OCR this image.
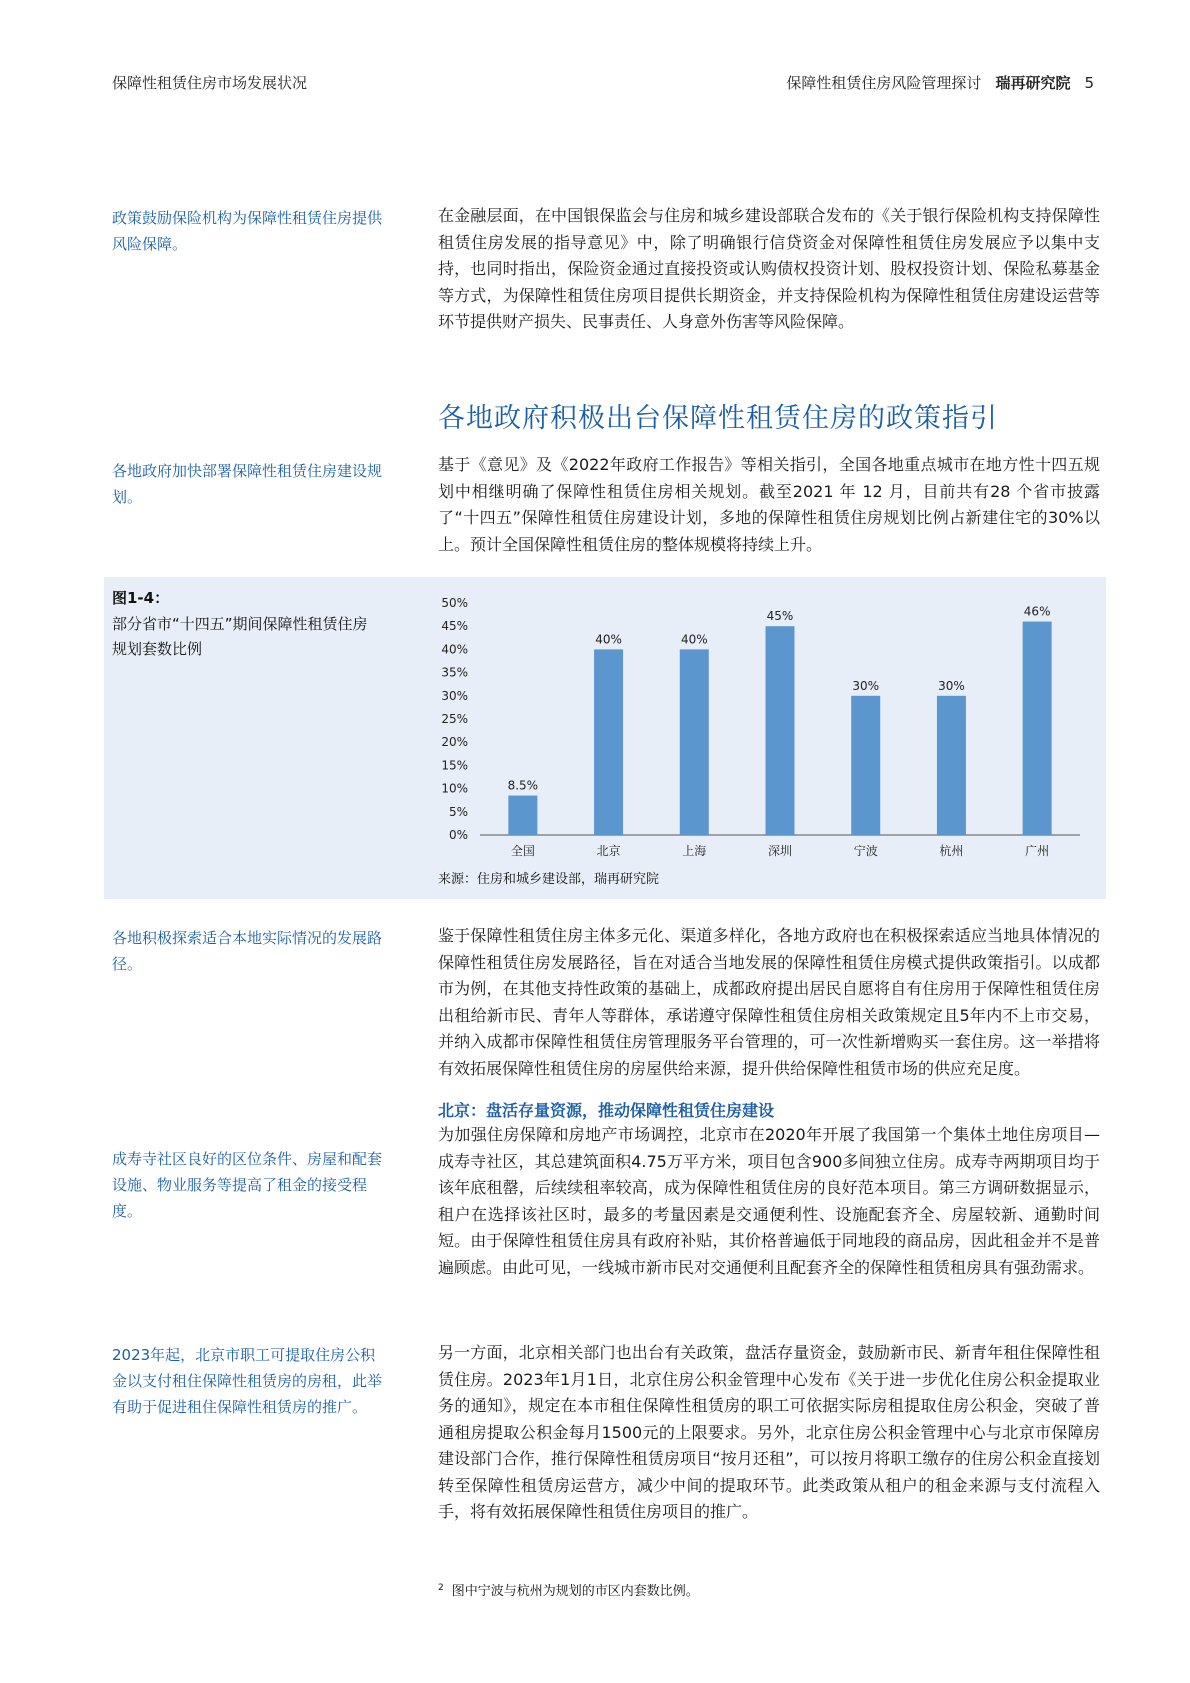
保障性租赁住房市场发展状况	保障性租赁住房风险管理探讨 瑞再研究院 5
政策鼓励保险机构为保障性租赁住房提供风险保障。
在金融层面，在中国银保监会与住房和城乡建设部联合发布的《关于银行保险机构支持保障性租赁住房发展的指导意见》中，除了明确银行信贷资金对保障性租赁住房发展应予以集中支持，也同时指出，保险资金通过直接投资或认购债权投资计划、股权投资计划、保险私募基金等方式，为保障性租赁住房项目提供长期资金，并支持保险机构为保障性租赁住房建设运营等环节提供财产损失、民事责任、人身意外伤害等风险保障。
各地政府积极出台保障性租赁住房的政策指引
各地政府加快部署保障性租赁住房建设规划。
基于《意见》及《2022年政府工作报告》等相关指引，全国各地重点城市在地方性十四五规划中相继明确了保障性租赁住房相关规划。截至2021 年 12 月，目前共有28 个省市披露了“十四五”保障性租赁住房建设计划，多地的保障性租赁住房规划比例占新建住宅的30%以上。预计全国保障性租赁住房的整体规模将持续上升。
图1-4：
部分省市“十四五”期间保障性租赁住房规划套数比例
0%
5%
10%
15%
20%
25%
30%
35%
40%
45%
50%
8.5%
全国
40%
北京
40%
上海
45%
深圳
30%
宁波
30%
杭州
46%
广州
来源：住房和城乡建设部，瑞再研究院
各地积极探索适合本地实际情况的发展路径。
鉴于保障性租赁住房主体多元化、渠道多样化，各地方政府也在积极探索适应当地具体情况的保障性租赁住房发展路径，旨在对适合当地发展的保障性租赁住房模式提供政策指引。以成都市为例，在其他支持性政策的基础上，成都政府提出居民自愿将自有住房用于保障性租赁住房出租给新市民、青年人等群体，承诺遵守保障性租赁住房相关政策规定且5年内不上市交易，并纳入成都市保障性租赁住房管理服务平台管理的，可一次性新增购买一套住房。这一举措将有效拓展保障性租赁住房的房屋供给来源，提升供给保障性租赁市场的供应充足度。
北京：盘活存量资源，推动保障性租赁住房建设
成寿寺社区良好的区位条件、房屋和配套设施、物业服务等提高了租金的接受程度。
为加强住房保障和房地产市场调控，北京市在2020年开展了我国第一个集体土地住房项目—成寿寺社区，其总建筑面积4.75万平方米，项目包含900多间独立住房。成寿寺两期项目均于该年底租罄，后续续租率较高，成为保障性租赁住房的良好范本项目。第三方调研数据显示，租户在选择该社区时，最多的考量因素是交通便利性、设施配套齐全、房屋较新、通勤时间短。由于保障性租赁住房具有政府补贴，其价格普遍低于同地段的商品房，因此租金并不是普遍顾虑。由此可见，一线城市新市民对交通便利且配套齐全的保障性租赁租房具有强劲需求。
2023年起，北京市职工可提取住房公积金以支付租住保障性租赁房的房租，此举有助于促进租住保障性租赁房的推广。
另一方面，北京相关部门也出台有关政策，盘活存量资金，鼓励新市民、新青年租住保障性租赁住房。2023年1月1日，北京住房公积金管理中心发布《关于进一步优化住房公积金提取业务的通知》，规定在本市租住保障性租赁房的职工可依据实际房租提取住房公积金，突破了普通租房提取公积金每月1500元的上限要求。另外，北京住房公积金管理中心与北京市保障房建设部门合作，推行保障性租赁房项目“按月还租”，可以按月将职工缴存的住房公积金直接划转至保障性租赁房运营方，减少中间的提取环节。此类政策从租户的租金来源与支付流程入手，将有效拓展保障性租赁住房项目的推广。
$^2$ 图中宁波与杭州为规划的市区内套数比例。
